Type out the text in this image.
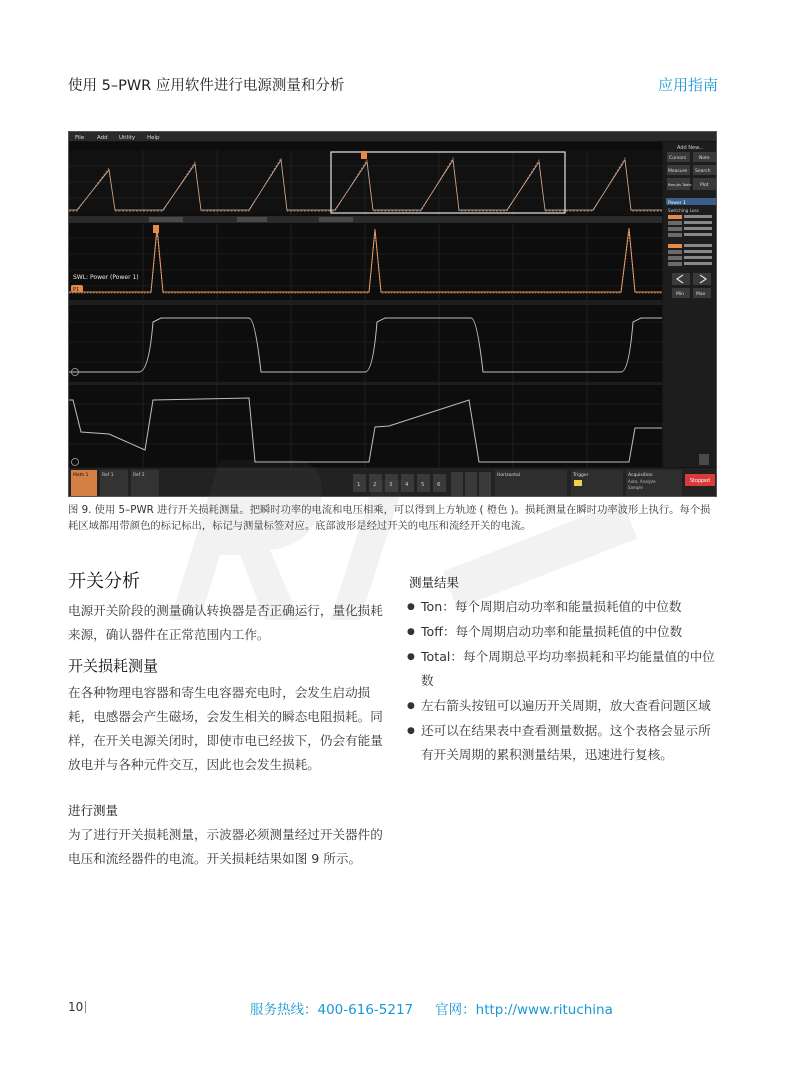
使用 5–PWR 应用软件进行电源测量和分析	应用指南
File Add Utility Help
SWL: Power (Power 1)
P1
Add New...
Cursors	Note
Measure Search
Results Table Plot
Power 1
Switching Loss
Min	Max
Math 1	Ref 1	Ref 2
1 2 3 4 5 6
Horizontal	Trigger	Acquisition
Auto, Analyze
Sample
Stopped
图 9. 使用 5–PWR 进行开关损耗测量。把瞬时功率的电流和电压相乘，可以得到上方轨迹 ( 橙色 )。损耗测量在瞬时功率波形上执行。每个损耗区域都用带颜色的标记标出，标记与测量标签对应。底部波形是经过开关的电压和流经开关的电流。
开关分析
电源开关阶段的测量确认转换器是否正确运行，量化损耗来源，确认器件在正常范围内工作。
开关损耗测量
在各种物理电容器和寄生电容器充电时，会发生启动损耗，电感器会产生磁场，会发生相关的瞬态电阻损耗。同样，在开关电源关闭时，即使市电已经拔下，仍会有能量放电并与各种元件交互，因此也会发生损耗。
进行测量
为了进行开关损耗测量，示波器必须测量经过开关器件的电压和流经器件的电流。开关损耗结果如图 9 所示。
测量结果
● Ton：每个周期启动功率和能量损耗值的中位数
● Toff：每个周期启动功率和能量损耗值的中位数
● Total：每个周期总平均功率损耗和平均能量值的中位数
● 左右箭头按钮可以遍历开关周期，放大查看问题区域
● 还可以在结果表中查看测量数据。这个表格会显示所有开关周期的累积测量结果，迅速进行复核。
10	服务热线：400-616-5217 官网：http://www.rituchina
